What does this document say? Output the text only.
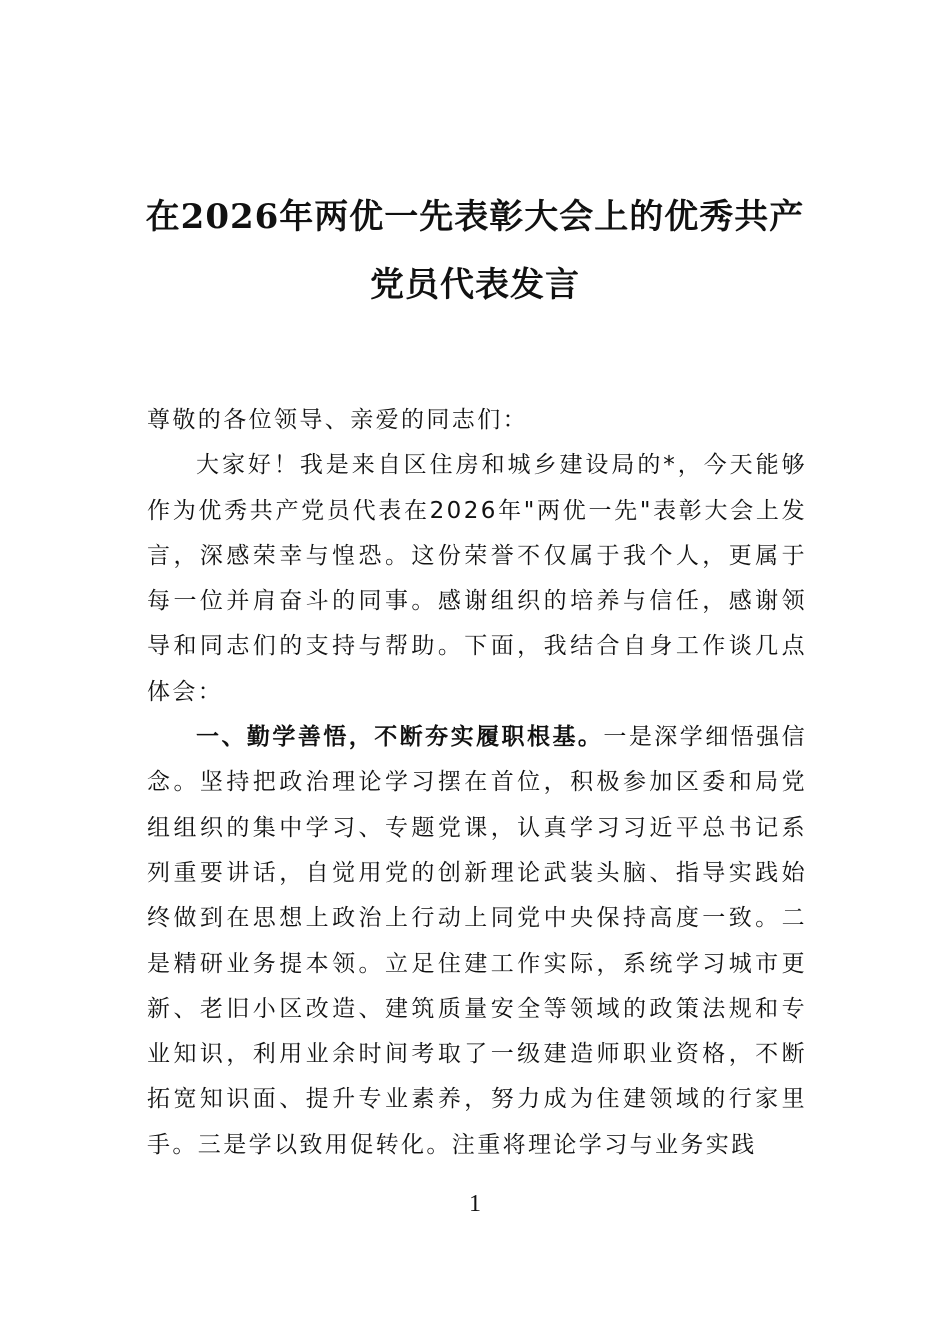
在2026年两优一先表彰大会上的优秀共产
党员代表发言

尊敬的各位领导、亲爱的同志们：

大家好！我是来自区住房和城乡建设局的*，今天能够作为优秀共产党员代表在2026年"两优一先"表彰大会上发言，深感荣幸与惶恐。这份荣誉不仅属于我个人，更属于每一位并肩奋斗的同事。感谢组织的培养与信任，感谢领导和同志们的支持与帮助。下面，我结合自身工作谈几点体会：

一、勤学善悟，不断夯实履职根基。一是深学细悟强信念。坚持把政治理论学习摆在首位，积极参加区委和局党组组织的集中学习、专题党课，认真学习习近平总书记系列重要讲话，自觉用党的创新理论武装头脑、指导实践始终做到在思想上政治上行动上同党中央保持高度一致。二是精研业务提本领。立足住建工作实际，系统学习城市更新、老旧小区改造、建筑质量安全等领域的政策法规和专业知识，利用业余时间考取了一级建造师职业资格，不断拓宽知识面、提升专业素养，努力成为住建领域的行家里手。三是学以致用促转化。注重将理论学习与业务实践

1
